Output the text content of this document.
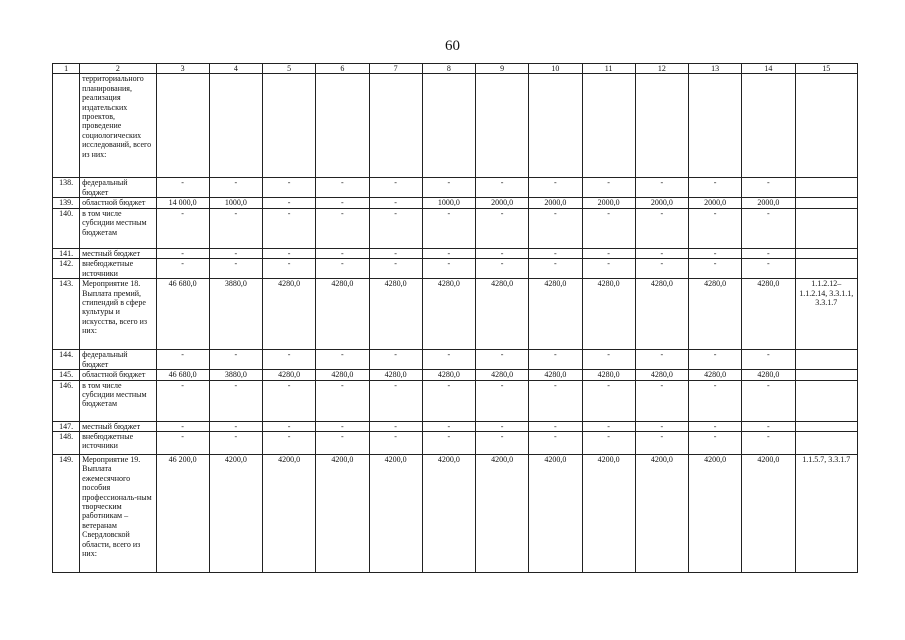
60
1	2	3	4	5	6	7	8	9	10	11	12	13	14	15
	территориального планирования, реализация издательских проектов, проведение социологических исследований, всего из них:													
138.	федеральный бюджет	-	-	-	-	-	-	-	-	-	-	-	-	
139.	областной бюджет	14 000,0	1000,0	-	-	-	1000,0	2000,0	2000,0	2000,0	2000,0	2000,0	2000,0	
140.	в том числе субсидии местным бюджетам	-	-	-	-	-	-	-	-	-	-	-	-	
141.	местный бюджет	-	-	-	-	-	-	-	-	-	-	-	-	
142.	внебюджетные источники	-	-	-	-	-	-	-	-	-	-	-	-	
143.	Мероприятие 18. Выплата премий, стипендий в сфере культуры и искусства, всего из них:	46 680,0	3880,0	4280,0	4280,0	4280,0	4280,0	4280,0	4280,0	4280,0	4280,0	4280,0	4280,0	1.1.2.12–1.1.2.14, 3.3.1.1, 3.3.1.7
144.	федеральный бюджет	-	-	-	-	-	-	-	-	-	-	-	-	
145.	областной бюджет	46 680,0	3880,0	4280,0	4280,0	4280,0	4280,0	4280,0	4280,0	4280,0	4280,0	4280,0	4280,0	
146.	в том числе субсидии местным бюджетам	-	-	-	-	-	-	-	-	-	-	-	-	
147.	местный бюджет	-	-	-	-	-	-	-	-	-	-	-	-	
148.	внебюджетные источники	-	-	-	-	-	-	-	-	-	-	-	-	
149.	Мероприятие 19. Выплата ежемесячного пособия профессиональ-ным творческим работникам – ветеранам Свердловской области, всего из них:	46 200,0	4200,0	4200,0	4200,0	4200,0	4200,0	4200,0	4200,0	4200,0	4200,0	4200,0	4200,0	1.1.5.7, 3.3.1.7
